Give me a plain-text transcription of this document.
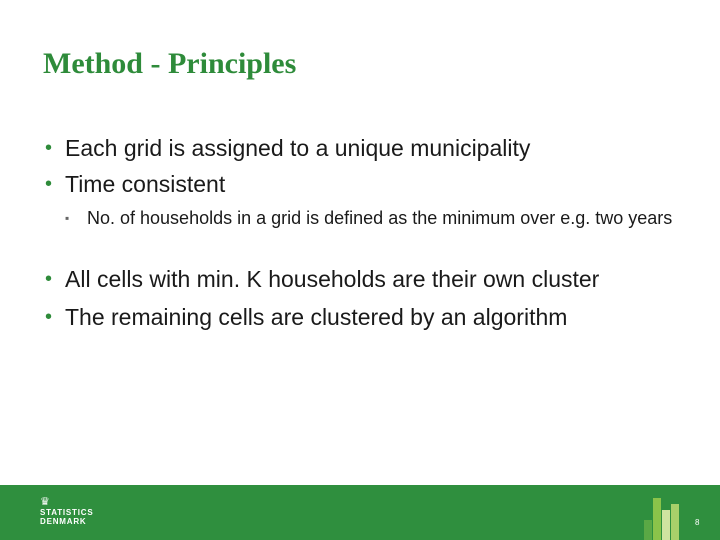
Method - Principles
• Each grid is assigned to a unique municipality
• Time consistent
▪ No. of households in a grid is defined as the minimum over e.g. two years
• All cells with min. K households are their own cluster
• The remaining cells are clustered by an algorithm
♛
STATISTICS
DENMARK	8
